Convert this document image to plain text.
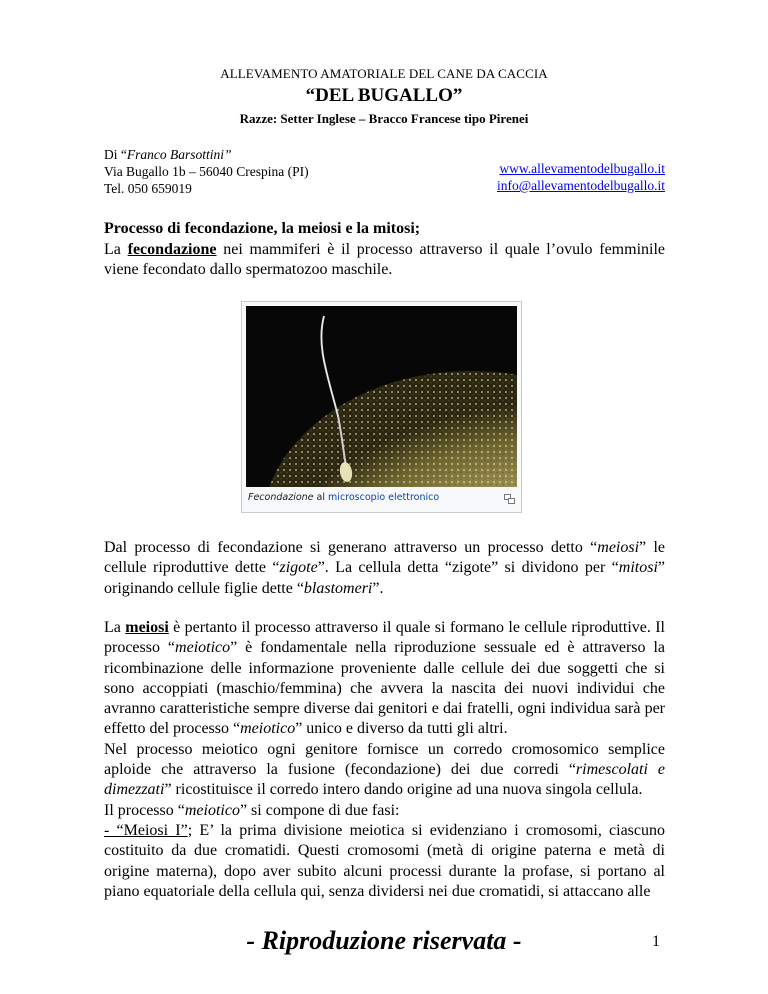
ALLEVAMENTO AMATORIALE DEL CANE DA CACCIA
“DEL BUGALLO”
Razze: Setter Inglese – Bracco Francese tipo Pirenei
Di “Franco Barsottini”
Via Bugallo 1b – 56040 Crespina (PI)
Tel. 050 659019
www.allevamentodelbugallo.it
info@allevamentodelbugallo.it
Processo di fecondazione, la meiosi e la mitosi;

La fecondazione nei mammiferi è il processo attraverso il quale l’ovulo femminile viene fecondato dallo spermatozoo maschile.

Fecondazione al microscopio elettronico

Dal processo di fecondazione si generano attraverso un processo detto “meiosi” le cellule riproduttive dette “zigote”. La cellula detta “zigote” si dividono per “mitosi” originando cellule figlie dette “blastomeri”.

La meiosi è pertanto il processo attraverso il quale si formano le cellule riproduttive. Il processo “meiotico” è fondamentale nella riproduzione sessuale ed è attraverso la ricombinazione delle informazione proveniente dalle cellule dei due soggetti che si sono accoppiati (maschio/femmina) che avvera la nascita dei nuovi individui che avranno caratteristiche sempre diverse dai genitori e dai fratelli, ogni individua sarà per effetto del processo “meiotico” unico e diverso da tutti gli altri.

Nel processo meiotico ogni genitore fornisce un corredo cromosomico semplice aploide che attraverso la fusione (fecondazione) dei due corredi “rimescolati e dimezzati” ricostituisce il corredo intero dando origine ad una nuova singola cellula.

Il processo “meiotico” si compone di due fasi:

- “Meiosi I”; E’ la prima divisione meiotica si evidenziano i cromosomi, ciascuno costituito da due cromatidi. Questi cromosomi (metà di origine paterna e metà di origine materna), dopo aver subito alcuni processi durante la profase, si portano al piano equatoriale della cellula qui, senza dividersi nei due cromatidi, si attaccano alle

- Riproduzione riservata -	1
